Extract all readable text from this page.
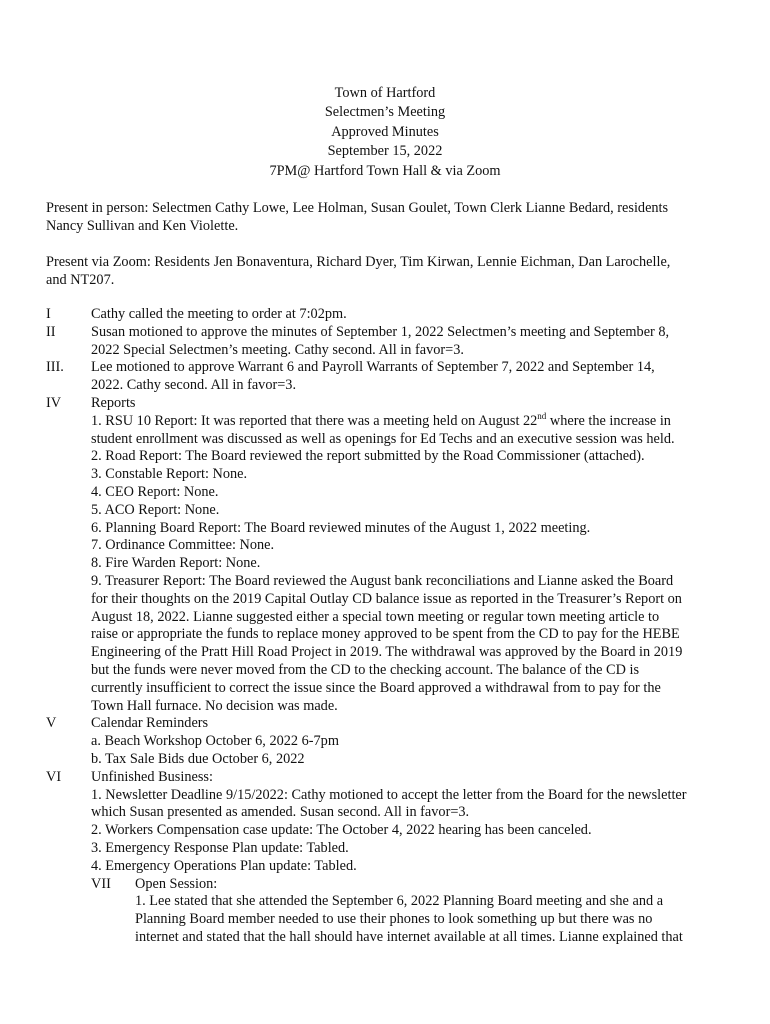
Town of Hartford
Selectmen’s Meeting
Approved Minutes
September 15, 2022
7PM@ Hartford Town Hall & via Zoom
Present in person: Selectmen Cathy Lowe, Lee Holman, Susan Goulet, Town Clerk Lianne Bedard, residents
Nancy Sullivan and Ken Violette.
Present via Zoom: Residents Jen Bonaventura, Richard Dyer, Tim Kirwan, Lennie Eichman, Dan Larochelle,
and NT207.
I	Cathy called the meeting to order at 7:02pm.
II Susan motioned to approve the minutes of September 1, 2022 Selectmen’s meeting and September 8,
2022 Special Selectmen’s meeting. Cathy second. All in favor=3.
III. Lee motioned to approve Warrant 6 and Payroll Warrants of September 7, 2022 and September 14,
2022. Cathy second. All in favor=3.
IV Reports
1. RSU 10 Report: It was reported that there was a meeting held on August 22nd where the increase in
student enrollment was discussed as well as openings for Ed Techs and an executive session was held.
2. Road Report: The Board reviewed the report submitted by the Road Commissioner (attached).
3. Constable Report: None.
4. CEO Report: None.
5. ACO Report: None.
6. Planning Board Report: The Board reviewed minutes of the August 1, 2022 meeting.
7. Ordinance Committee: None.
8. Fire Warden Report: None.
9. Treasurer Report: The Board reviewed the August bank reconciliations and Lianne asked the Board
for their thoughts on the 2019 Capital Outlay CD balance issue as reported in the Treasurer’s Report on
August 18, 2022. Lianne suggested either a special town meeting or regular town meeting article to
raise or appropriate the funds to replace money approved to be spent from the CD to pay for the HEBE
Engineering of the Pratt Hill Road Project in 2019. The withdrawal was approved by the Board in 2019
but the funds were never moved from the CD to the checking account. The balance of the CD is
currently insufficient to correct the issue since the Board approved a withdrawal from to pay for the
Town Hall furnace. No decision was made.
V Calendar Reminders
a. Beach Workshop October 6, 2022 6-7pm
b. Tax Sale Bids due October 6, 2022
VI Unfinished Business:
1. Newsletter Deadline 9/15/2022: Cathy motioned to accept the letter from the Board for the newsletter
which Susan presented as amended. Susan second. All in favor=3.
2. Workers Compensation case update: The October 4, 2022 hearing has been canceled.
3. Emergency Response Plan update: Tabled.
4. Emergency Operations Plan update: Tabled.
VII Open Session:
1. Lee stated that she attended the September 6, 2022 Planning Board meeting and she and a
Planning Board member needed to use their phones to look something up but there was no
internet and stated that the hall should have internet available at all times. Lianne explained that
